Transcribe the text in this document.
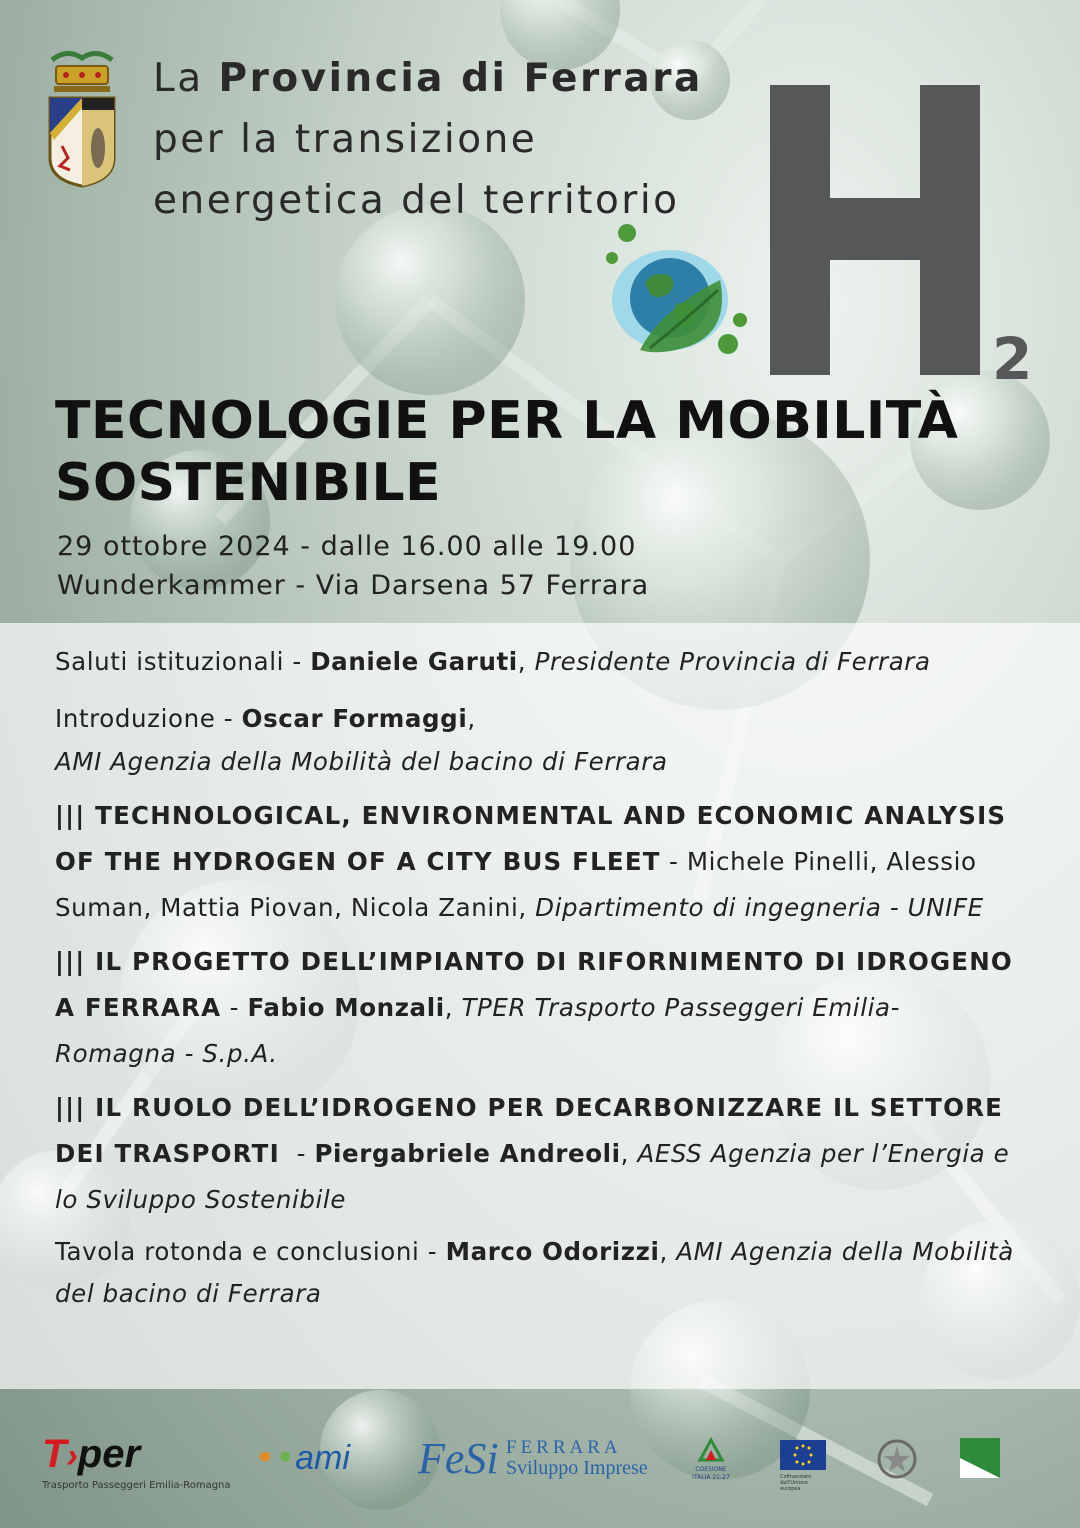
La Provincia di Ferrara
per la transizione
energetica del territorio
2
TECNOLOGIE PER LA MOBILITÀ
SOSTENIBILE
29 ottobre 2024 - dalle 16.00 alle 19.00
Wunderkammer - Via Darsena 57 Ferrara
Saluti istituzionali - Daniele Garuti, Presidente Provincia di Ferrara
Introduzione - Oscar Formaggi,
AMI Agenzia della Mobilità del bacino di Ferrara
||| TECHNOLOGICAL, ENVIRONMENTAL AND ECONOMIC ANALYSIS OF THE HYDROGEN OF A CITY BUS FLEET - Michele Pinelli, Alessio Suman, Mattia Piovan, Nicola Zanini, Dipartimento di ingegneria - UNIFE
||| IL PROGETTO DELL’IMPIANTO DI RIFORNIMENTO DI IDROGENO A FERRARA - Fabio Monzali, TPER Trasporto Passeggeri Emilia-Romagna - S.p.A.
||| IL RUOLO DELL’IDROGENO PER DECARBONIZZARE IL SETTORE DEI TRASPORTI  - Piergabriele Andreoli, AESS Agenzia per l’Energia e lo Sviluppo Sostenibile
Tavola rotonda e conclusioni - Marco Odorizzi, AMI Agenzia della Mobilità del bacino di Ferrara
T›per
Trasporto Passeggeri Emilia-Romagna
••ami	FeSi FERRARA
Sviluppo Imprese	COESIONE ITALIA 21-27	Cofinanziato dall'Unione europea
